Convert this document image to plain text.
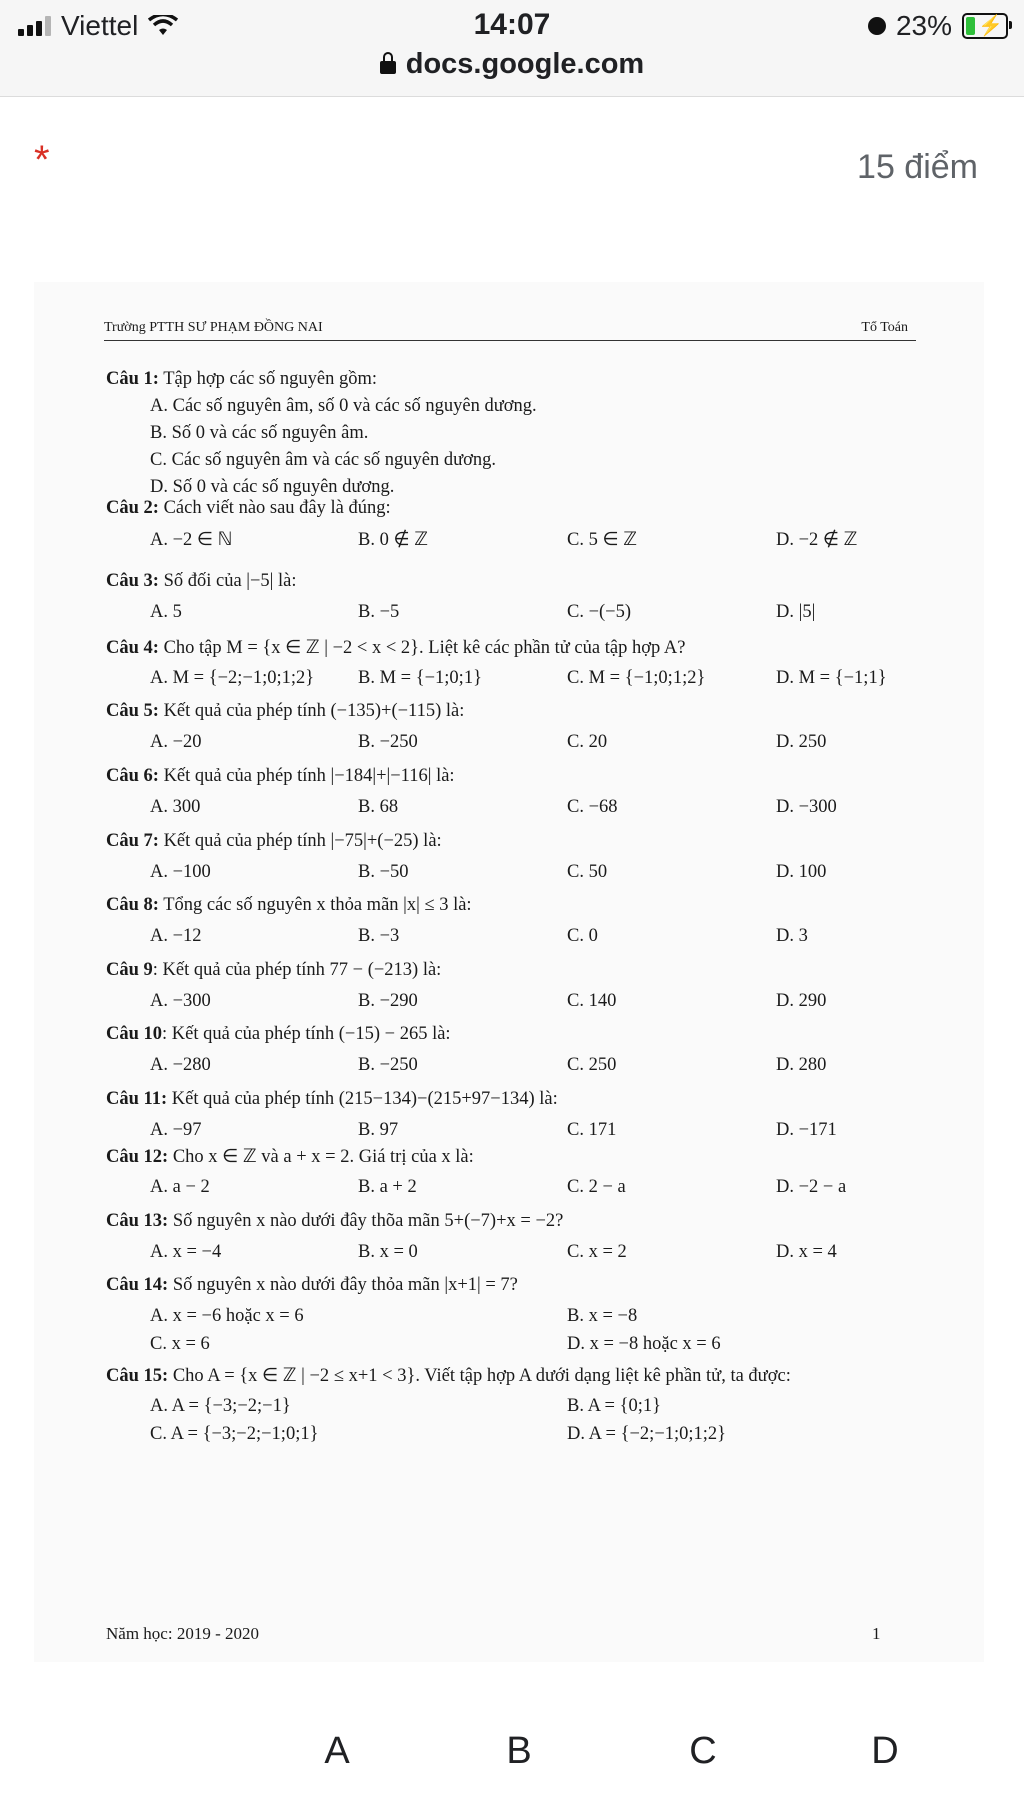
Viettel	14:07
docs.google.com
23% ⚡
*	15 điểm
Trường PTTH SƯ PHẠM ĐỒNG NAI	Tổ Toán
Câu 1: Tập hợp các số nguyên gồm:
A. Các số nguyên âm, số 0 và các số nguyên dương.
B. Số 0 và các số nguyên âm.
C. Các số nguyên âm và các số nguyên dương.
D. Số 0 và các số nguyên dương.
Câu 2: Cách viết nào sau đây là đúng:
A. −2 ∈ ℕ	B. 0 ∉ ℤ	C. 5 ∈ ℤ	D. −2 ∉ ℤ
Câu 3: Số đối của |−5| là:
A. 5	B. −5	C. −(−5)	D. |5|
Câu 4: Cho tập M = {x ∈ ℤ | −2 < x < 2}. Liệt kê các phần tử của tập hợp A?
A. M = {−2;−1;0;1;2} B. M = {−1;0;1}	C. M = {−1;0;1;2}	D. M = {−1;1}
Câu 5: Kết quả của phép tính (−135)+(−115) là:
A. −20	B. −250	C. 20	D. 250
Câu 6: Kết quả của phép tính |−184|+|−116| là:
A. 300	B. 68	C. −68	D. −300
Câu 7: Kết quả của phép tính |−75|+(−25) là:
A. −100	B. −50	C. 50	D. 100
Câu 8: Tổng các số nguyên x thỏa mãn |x| ≤ 3 là:
A. −12	B. −3	C. 0	D. 3
Câu 9: Kết quả của phép tính 77 − (−213) là:
A. −300	B. −290	C. 140	D. 290
Câu 10: Kết quả của phép tính (−15) − 265 là:
A. −280	B. −250	C. 250	D. 280
Câu 11: Kết quả của phép tính (215−134)−(215+97−134) là:
A. −97	B. 97	C. 171	D. −171
Câu 12: Cho x ∈ ℤ và a + x = 2. Giá trị của x là:
A. a − 2	B. a + 2	C. 2 − a	D. −2 − a
Câu 13: Số nguyên x nào dưới đây thõa mãn 5+(−7)+x = −2?
A. x = −4	B. x = 0	C. x = 2	D. x = 4
Câu 14: Số nguyên x nào dưới đây thỏa mãn |x+1| = 7?
A. x = −6 hoặc x = 6	B. x = −8
C. x = 6	D. x = −8 hoặc x = 6
Câu 15: Cho A = {x ∈ ℤ | −2 ≤ x+1 < 3}. Viết tập hợp A dưới dạng liệt kê phần tử, ta được:
A. A = {−3;−2;−1}	B. A = {0;1}
C. A = {−3;−2;−1;0;1}	D. A = {−2;−1;0;1;2}
Năm học: 2019 - 2020	1
A	B	C	D
